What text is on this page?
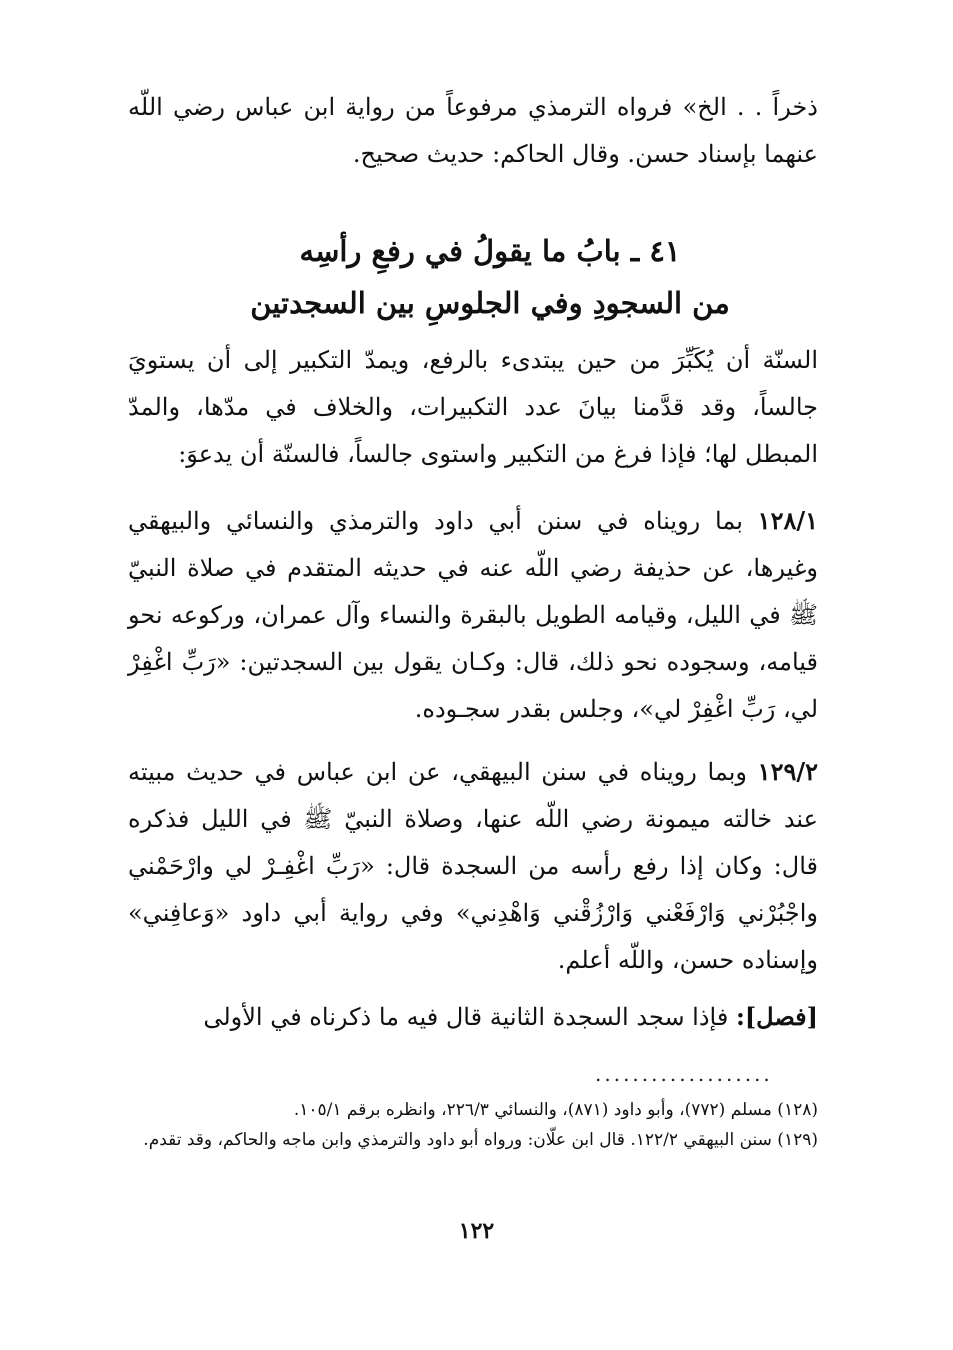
ذخراً . . الخ» فرواه الترمذي مرفوعاً من رواية ابن عباس رضي اللّه عنهما بإسناد حسن. وقال الحاكم: حديث صحيح.

٤١ ـ بابُ ما يقولُ في رفعِ رأسِه

من السجودِ وفي الجلوسِ بين السجدتين

السنّة أن يُكَبِّرَ من حين يبتدىء بالرفع، ويمدّ التكبير إلى أن يستويَ جالساً، وقد قدَّمنا بيانَ عدد التكبيرات، والخلاف في مدّها، والمدّ المبطل لها؛ فإذا فرغ من التكبير واستوى جالساً، فالسنّة أن يدعوَ:

١٢٨/١ بما رويناه في سنن أبي داود والترمذي والنسائي والبيهقي وغيرها، عن حذيفة رضي اللّه عنه في حديثه المتقدم في صلاة النبيّ ﷺ في الليل، وقيامه الطويل بالبقرة والنساء وآل عمران، وركوعه نحو قيامه، وسجوده نحو ذلك، قال: وكـان يقول بين السجدتين: «رَبِّ اغْفِرْ لي، رَبِّ اغْفِرْ لي»، وجلس بقدر سجـوده.

١٢٩/٢ وبما رويناه في سنن البيهقي، عن ابن عباس في حديث مبيته عند خالته ميمونة رضي اللّه عنها، وصلاة النبيّ ﷺ في الليل فذكره قال: وكان إذا رفع رأسه من السجدة قال: «رَبِّ اغْفِـرْ لي وارْحَمْني واجْبُرْني وَارْفَعْني وَارْزُقْني وَاهْدِني» وفي رواية أبي داود «وَعافِني» وإسناده حسن، واللّه أعلم.

[فصل]: فإذا سجد السجدة الثانية قال فيه ما ذكرناه في الأولى

...................

(١٢٨) مسلم (٧٧٢)، وأبو داود (٨٧١)، والنسائي ٢٢٦/٣، وانظره برقم ١٠٥/١.

(١٢٩) سنن البيهقي ١٢٢/٢. قال ابن علّان: ورواه أبو داود والترمذي وابن ماجه والحاكم، وقد تقدم.

١٢٢
